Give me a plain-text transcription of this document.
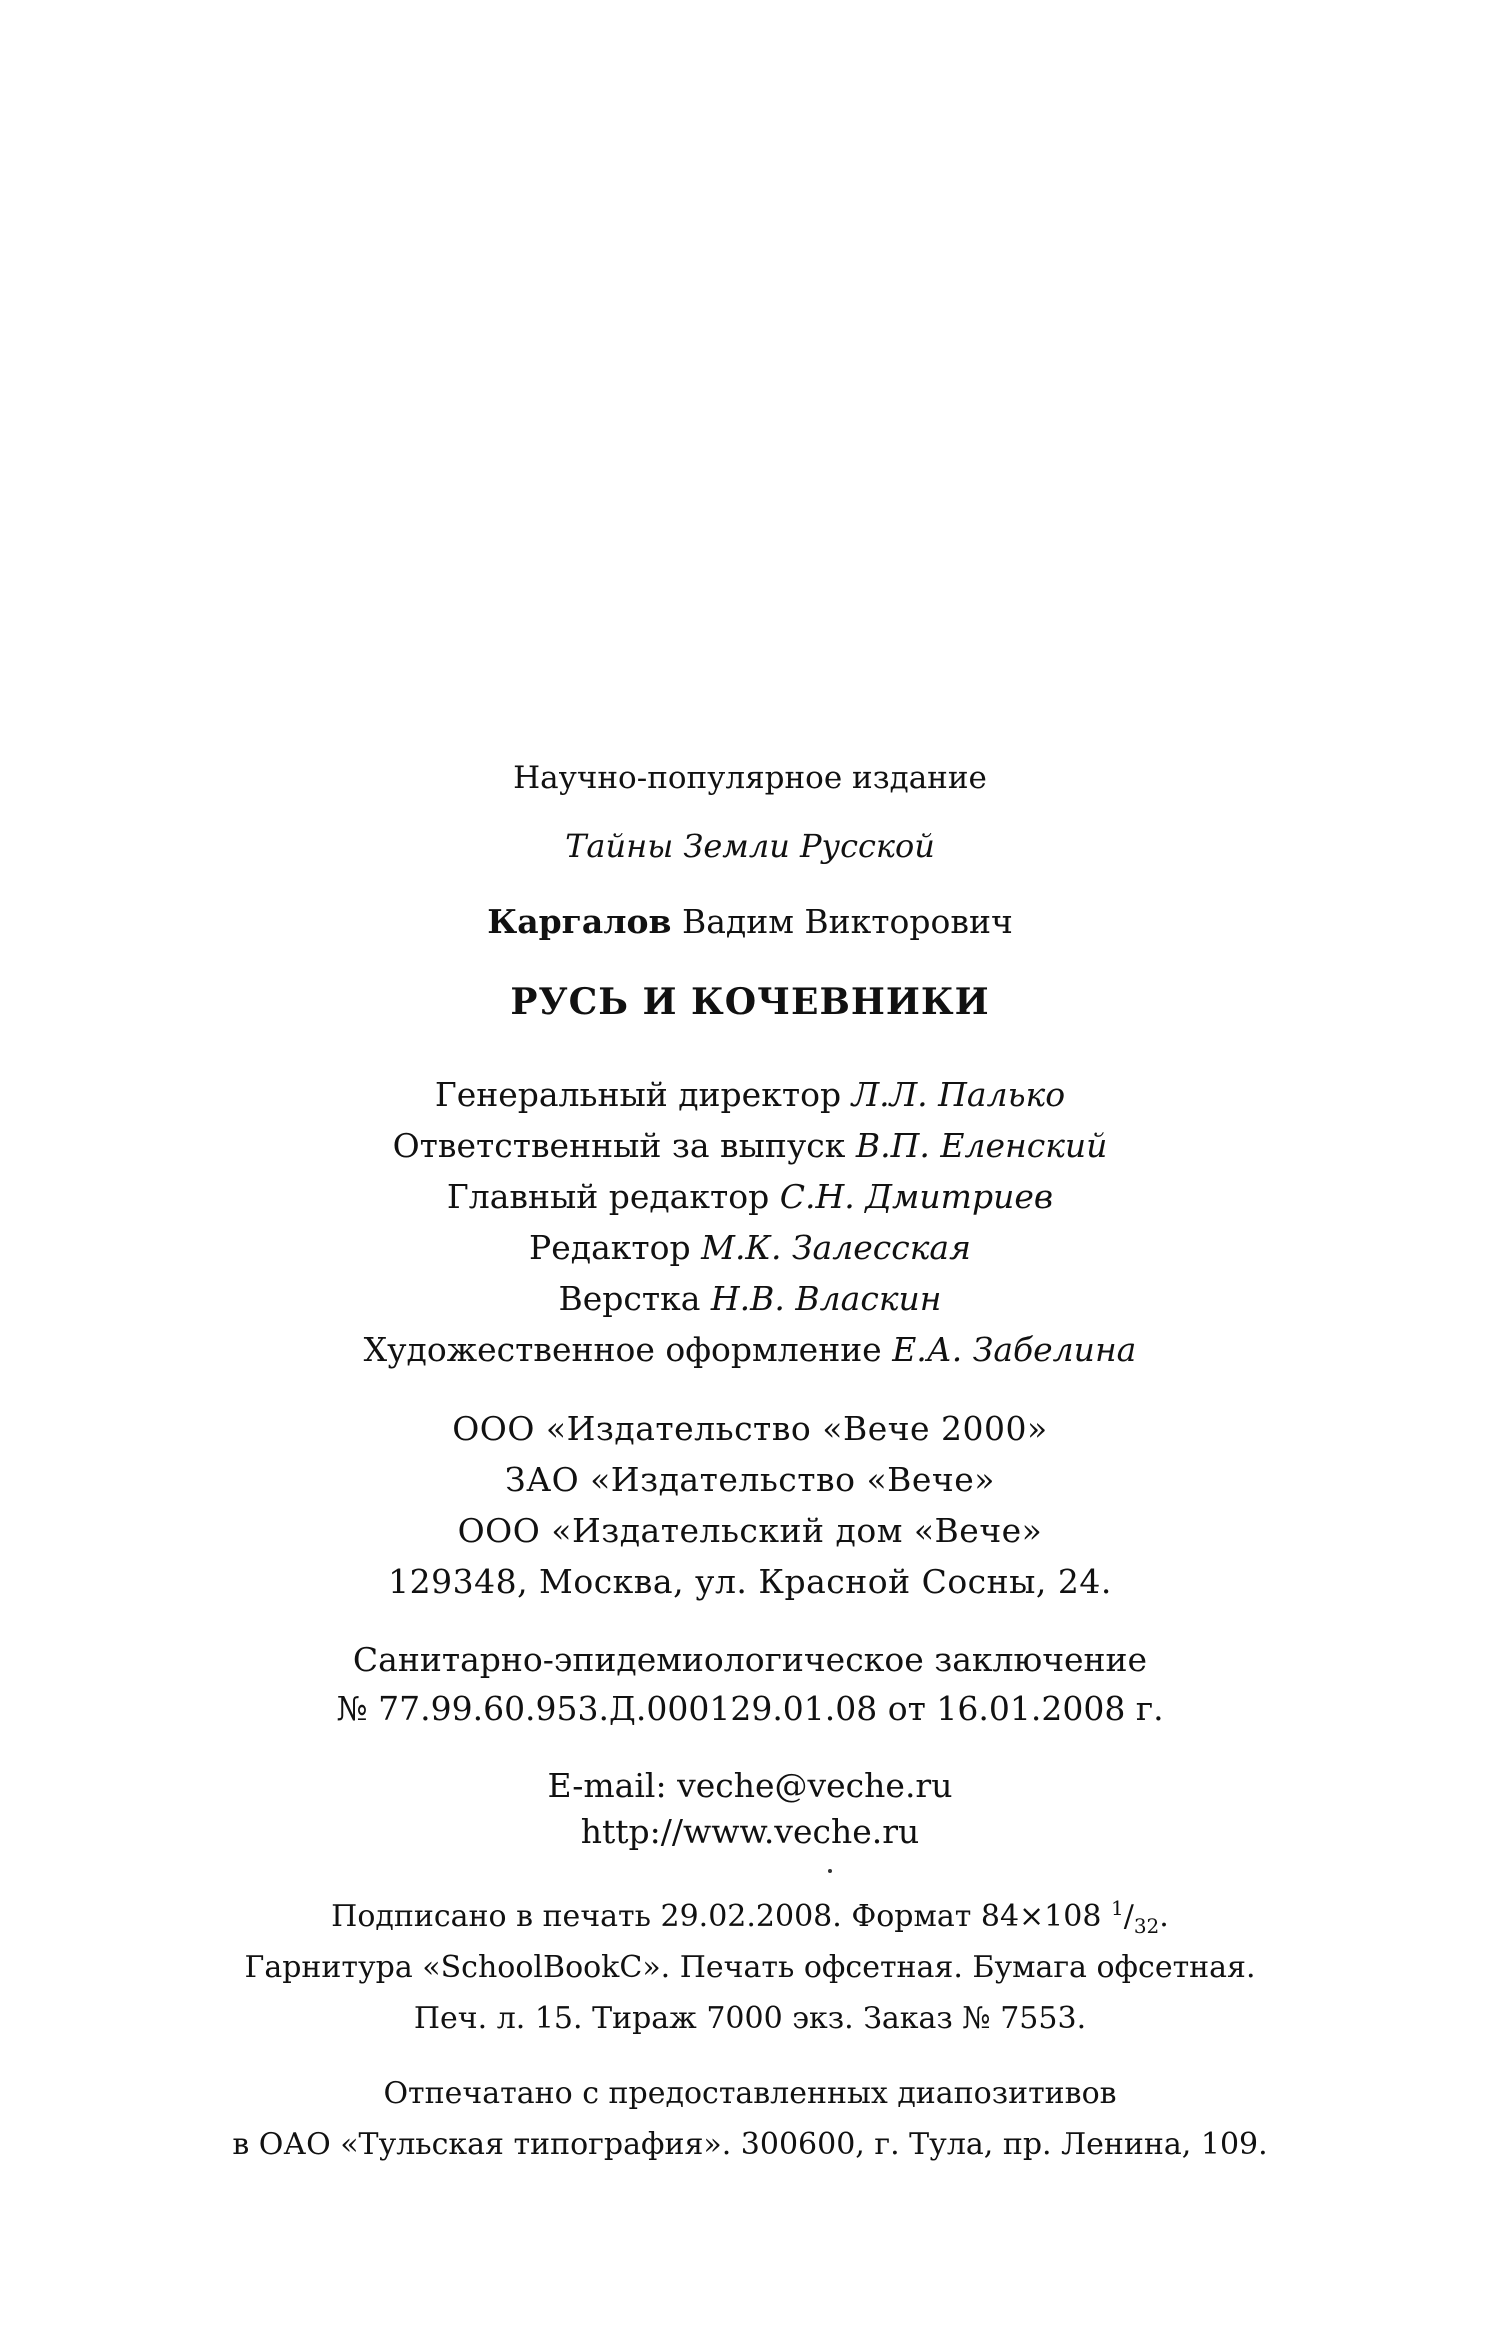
Научно-популярное издание
Тайны Земли Русской
Каргалов Вадим Викторович
РУСЬ И КОЧЕВНИКИ
Генеральный директор Л.Л. Палько
Ответственный за выпуск В.П. Еленский
Главный редактор С.Н. Дмитриев
Редактор М.К. Залесская
Верстка Н.В. Власкин
Художественное оформление Е.А. Забелина
ООО «Издательство «Вече 2000»
ЗАО «Издательство «Вече»
ООО «Издательский дом «Вече»
129348, Москва, ул. Красной Сосны, 24.
Санитарно-эпидемиологическое заключение
№ 77.99.60.953.Д.000129.01.08 от 16.01.2008 г.
E-mail: veche@veche.ru
http://www.veche.ru
Подписано в печать 29.02.2008. Формат 84×108 $^1/_{32}$.
Гарнитура «SchoolBookC». Печать офсетная. Бумага офсетная.
Печ. л. 15. Тираж 7000 экз. Заказ № 7553.
Отпечатано с предоставленных диапозитивов
в ОАО «Тульская типография». 300600, г. Тула, пр. Ленина, 109.
